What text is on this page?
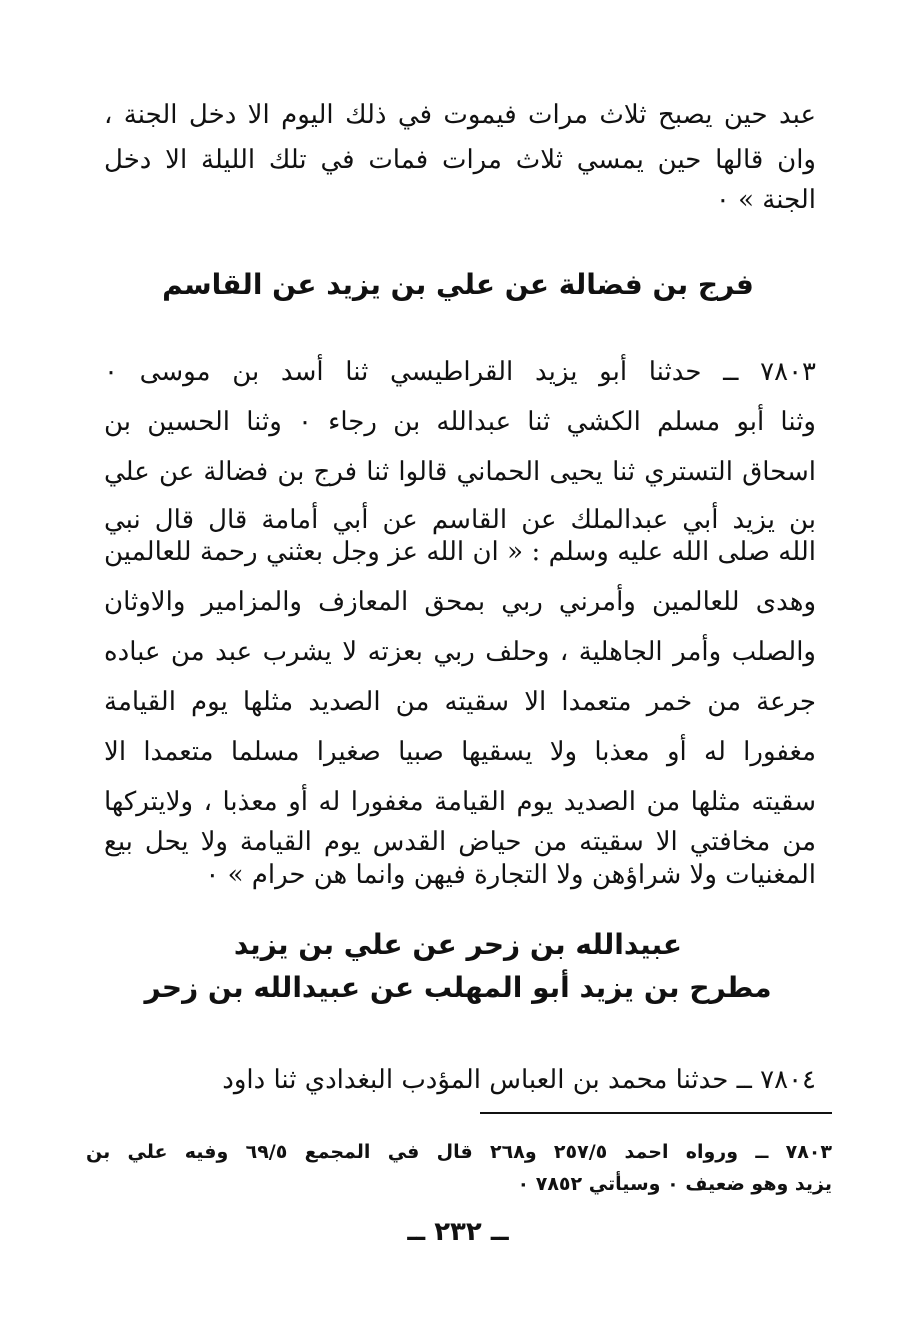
عبد حين يصبح ثلاث مرات فيموت في ذلك اليوم الا دخل الجنة ،
وان قالها حين يمسي ثلاث مرات فمات في تلك الليلة الا دخل
الجنة » ٠
فرج بن فضالة عن علي بن يزيد عن القاسم
٧٨٠٣ ــ حدثنا أبو يزيد القراطيسي ثنا أسد بن موسى ٠
وثنا أبو مسلم الكشي ثنا عبدالله بن رجاء ٠ وثنا الحسين بن
اسحاق التستري ثنا يحيى الحماني قالوا ثنا فرج بن فضالة عن علي
بن يزيد أبي عبدالملك عن القاسم عن أبي أمامة قال قال نبي
الله صلى الله عليه وسلم : « ان الله عز وجل بعثني رحمة للعالمين
وهدى للعالمين وأمرني ربي بمحق المعازف والمزامير والاوثان
والصلب وأمر الجاهلية ، وحلف ربي بعزته لا يشرب عبد من عباده
جرعة من خمر متعمدا الا سقيته من الصديد مثلها يوم القيامة
مغفورا له أو معذبا ولا يسقيها صبيا صغيرا مسلما متعمدا الا
سقيته مثلها من الصديد يوم القيامة مغفورا له أو معذبا ، ولايتركها
من مخافتي الا سقيته من حياض القدس يوم القيامة ولا يحل بيع
المغنيات ولا شراؤهن ولا التجارة فيهن وانما هن حرام » ٠
عبيدالله بن زحر عن علي بن يزيد
مطرح بن يزيد أبو المهلب عن عبيدالله بن زحر
٧٨٠٤ ــ حدثنا محمد بن العباس المؤدب البغدادي ثنا داود
٧٨٠٣ ــ ورواه احمد ٢٥٧/٥ و٢٦٨ قال في المجمع ٦٩/٥ وفيه علي بن
يزيد وهو ضعيف ٠ وسيأتي ٧٨٥٢ ٠
ــ ٢٣٢ ــ
